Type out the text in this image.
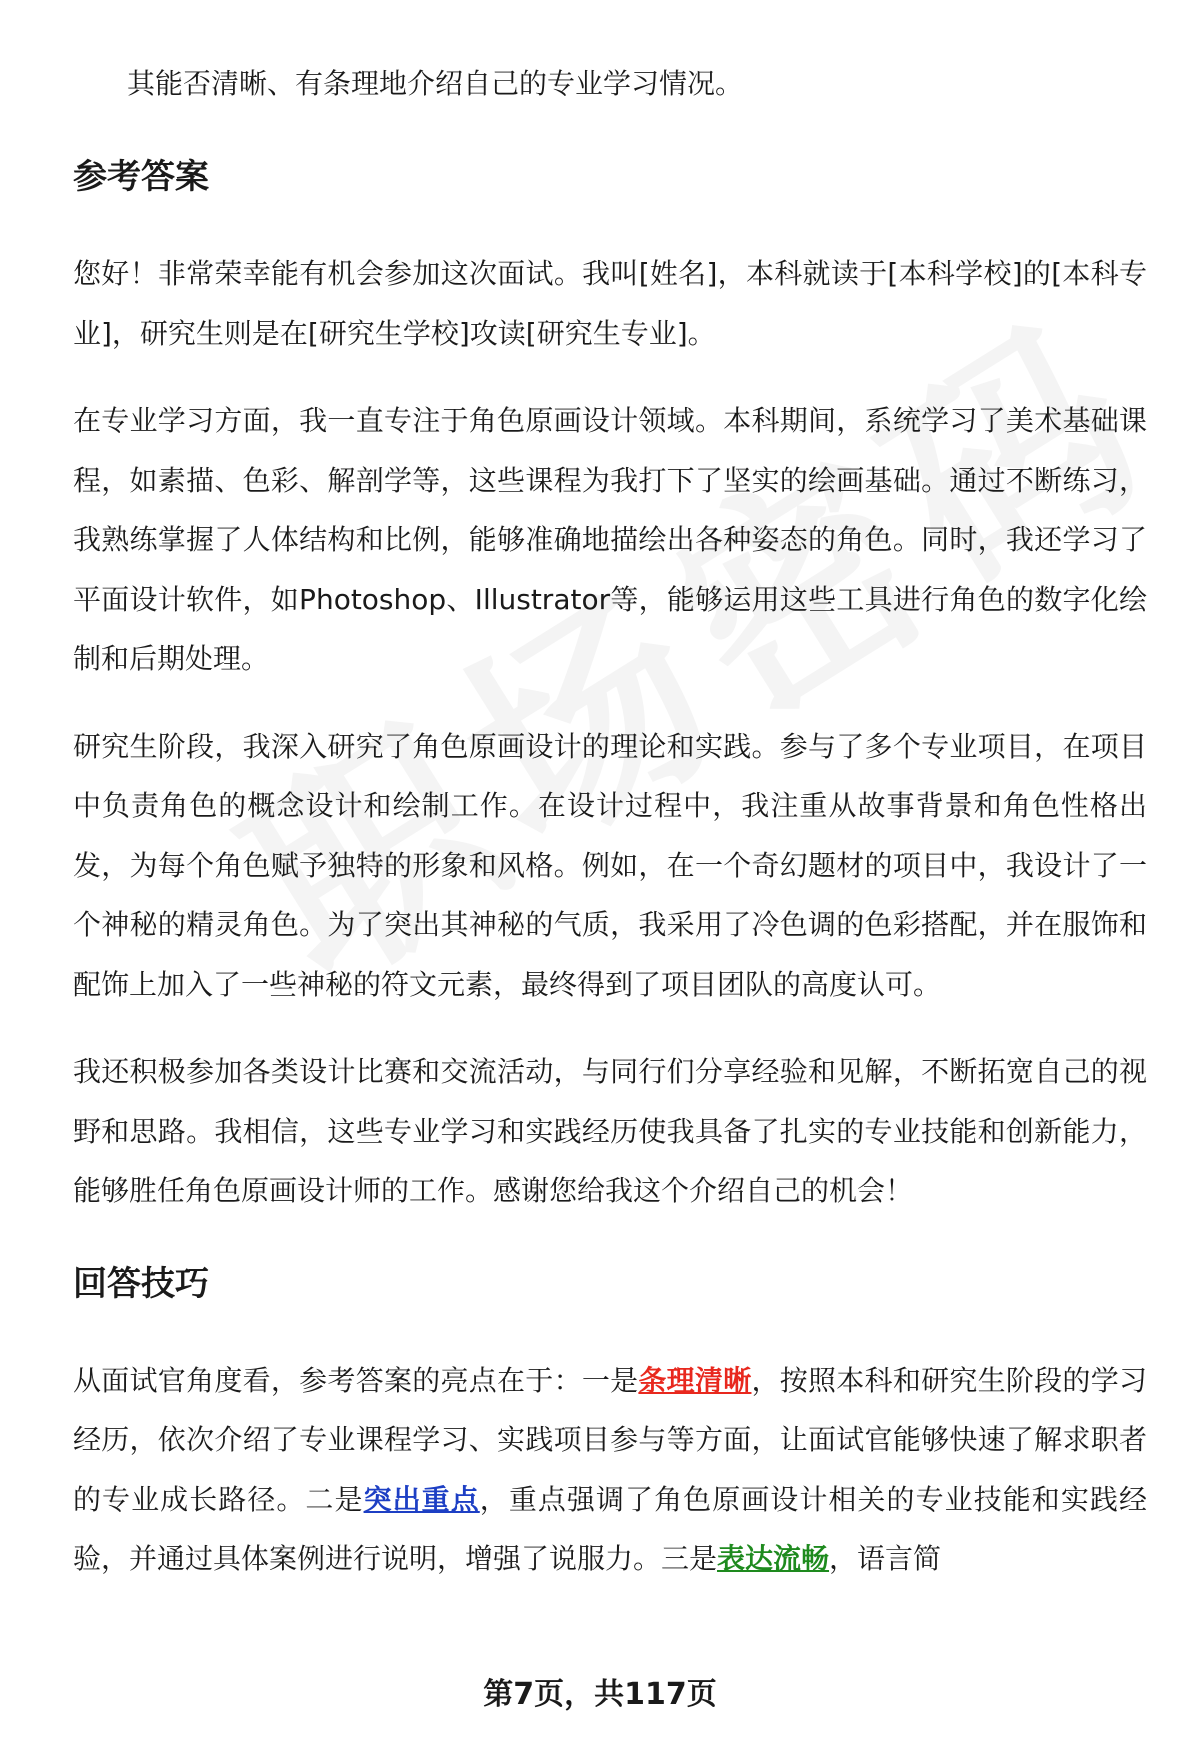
其能否清晰、有条理地介绍自己的专业学习情况。

参考答案

您好！非常荣幸能有机会参加这次面试。我叫[姓名]，本科就读于[本科学校]的[本科专业]，研究生则是在[研究生学校]攻读[研究生专业]。

在专业学习方面，我一直专注于角色原画设计领域。本科期间，系统学习了美术基础课程，如素描、色彩、解剖学等，这些课程为我打下了坚实的绘画基础。通过不断练习，我熟练掌握了人体结构和比例，能够准确地描绘出各种姿态的角色。同时，我还学习了平面设计软件，如Photoshop、Illustrator等，能够运用这些工具进行角色的数字化绘制和后期处理。

研究生阶段，我深入研究了角色原画设计的理论和实践。参与了多个专业项目，在项目中负责角色的概念设计和绘制工作。在设计过程中，我注重从故事背景和角色性格出发，为每个角色赋予独特的形象和风格。例如，在一个奇幻题材的项目中，我设计了一个神秘的精灵角色。为了突出其神秘的气质，我采用了冷色调的色彩搭配，并在服饰和配饰上加入了一些神秘的符文元素，最终得到了项目团队的高度认可。

我还积极参加各类设计比赛和交流活动，与同行们分享经验和见解，不断拓宽自己的视野和思路。我相信，这些专业学习和实践经历使我具备了扎实的专业技能和创新能力，能够胜任角色原画设计师的工作。感谢您给我这个介绍自己的机会！

回答技巧

从面试官角度看，参考答案的亮点在于：一是条理清晰，按照本科和研究生阶段的学习经历，依次介绍了专业课程学习、实践项目参与等方面，让面试官能够快速了解求职者的专业成长路径。二是突出重点，重点强调了角色原画设计相关的专业技能和实践经验，并通过具体案例进行说明，增强了说服力。三是表达流畅，语言简

第7页，共117页
